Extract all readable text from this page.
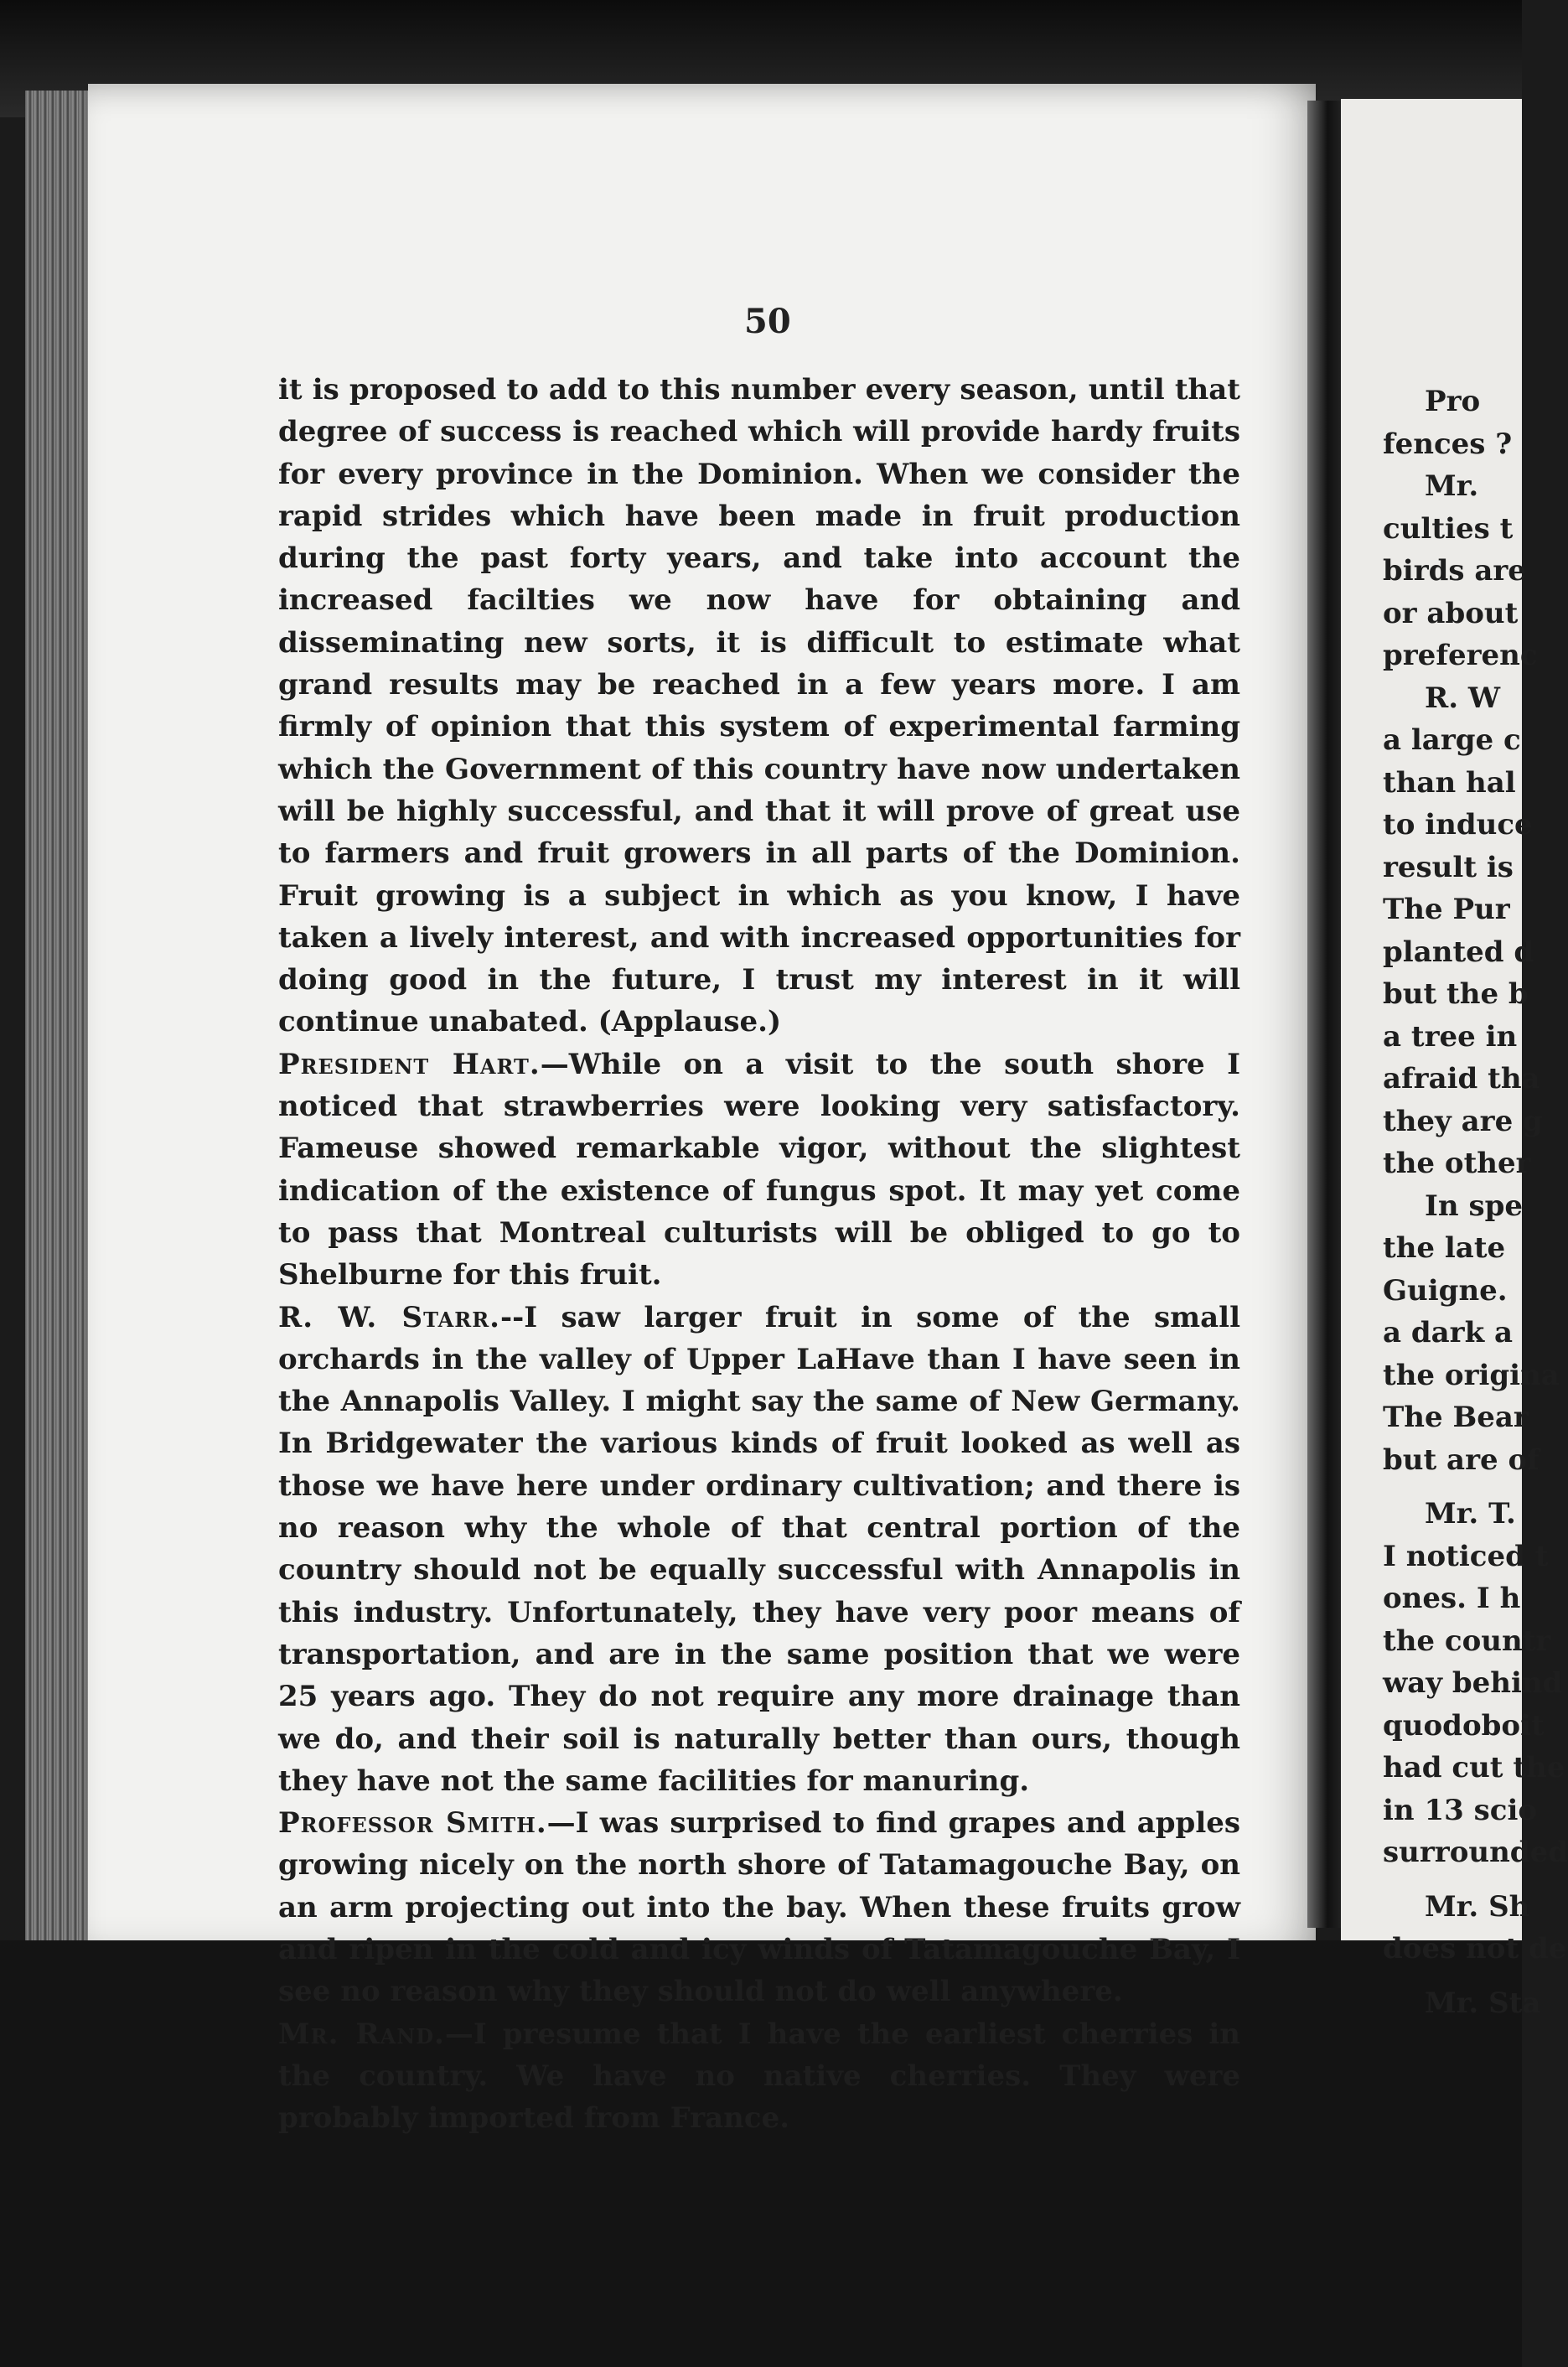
50

it is proposed to add to this number every season, until that degree of success is reached which will provide hardy fruits for every province in the Dominion. When we consider the rapid strides which have been made in fruit production during the past forty years, and take into account the increased facilties we now have for obtaining and disseminating new sorts, it is difficult to estimate what grand results may be reached in a few years more. I am firmly of opinion that this system of experimental farming which the Government of this country have now undertaken will be highly successful, and that it will prove of great use to farmers and fruit growers in all parts of the Dominion. Fruit growing is a subject in which as you know, I have taken a lively interest, and with increased opportunities for doing good in the future, I trust my interest in it will continue unabated. (Applause.)

President Hart.—While on a visit to the south shore I noticed that strawberries were looking very satisfactory. Fameuse showed remarkable vigor, without the slightest indication of the existence of fungus spot. It may yet come to pass that Montreal culturists will be obliged to go to Shelburne for this fruit.

R. W. Starr.--I saw larger fruit in some of the small orchards in the valley of Upper LaHave than I have seen in the Annapolis Valley. I might say the same of New Germany. In Bridgewater the various kinds of fruit looked as well as those we have here under ordinary cultivation; and there is no reason why the whole of that central portion of the country should not be equally successful with Annapolis in this industry. Unfortunately, they have very poor means of transportation, and are in the same position that we were 25 years ago. They do not require any more drainage than we do, and their soil is naturally better than ours, though they have not the same facilities for manuring.

Professor Smith.—I was surprised to find grapes and apples growing nicely on the north shore of Tatamagouche Bay, on an arm projecting out into the bay. When these fruits grow and ripen in the cold and icy winds of Tatamagouche Bay, I see no reason why they should not do well anywhere.

Mr. Rand.—I presume that I have the earliest cherries in the country. We have no native cherries. They were probably imported from France.

Pro
fences ?
Mr.
culties t
birds are
or about
preferenc
R. W
a large c
than hal
to induce
result is
The Pur
planted d
but the b
a tree in
afraid tha
they are g
the other
In spe
the late
Guigne.
a dark a
the origina
The Bear
but are of
Mr. T.
I noticed t
ones. I h
the countr
way behind
quodoboit
had cut the
in 13 scio
surrounded
Mr. Sh
does not de
Mr. Sta
